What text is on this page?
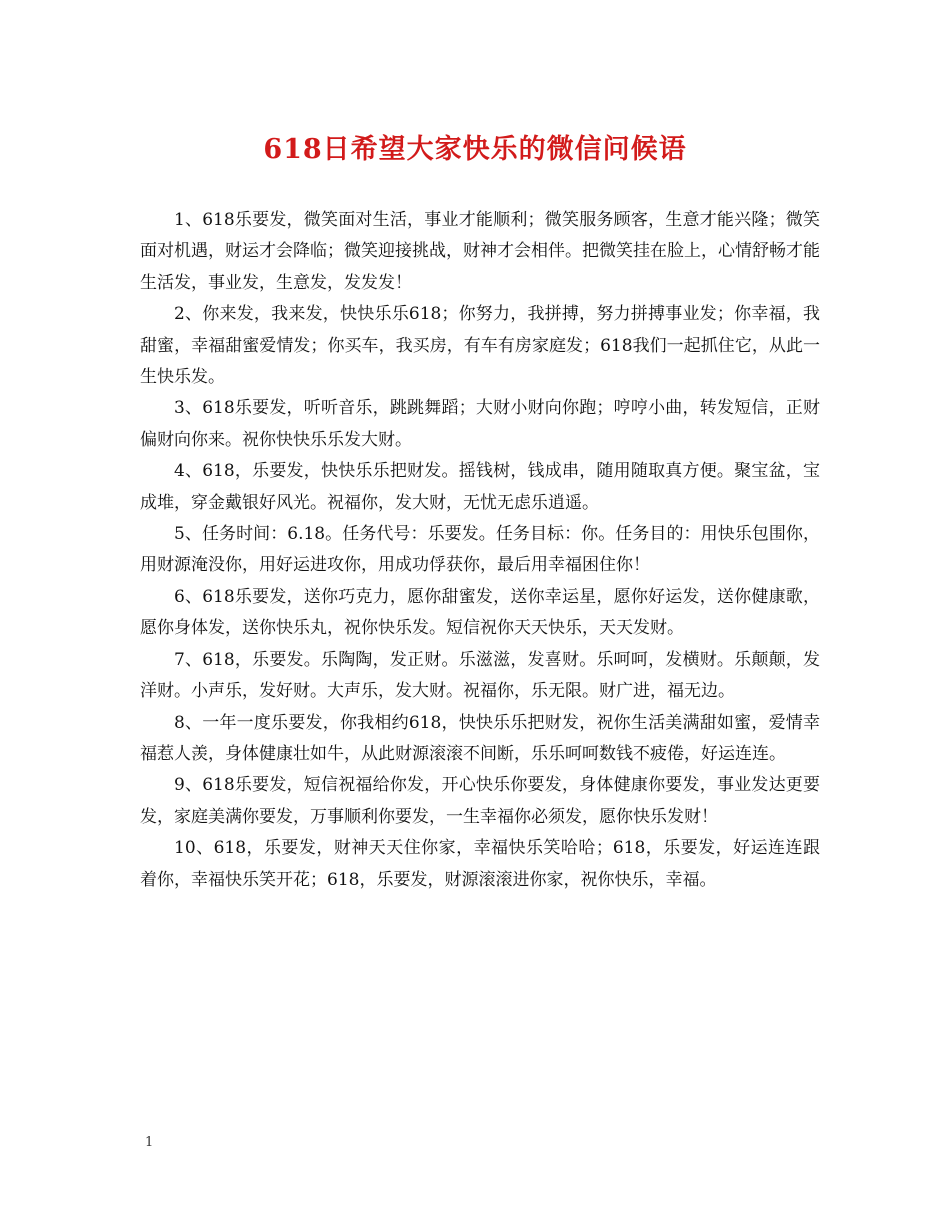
618日希望大家快乐的微信问候语

1、618乐要发，微笑面对生活，事业才能顺利；微笑服务顾客，生意才能兴隆；微笑面对机遇，财运才会降临；微笑迎接挑战，财神才会相伴。把微笑挂在脸上，心情舒畅才能生活发，事业发，生意发，发发发！

2、你来发，我来发，快快乐乐618；你努力，我拼搏，努力拼搏事业发；你幸福，我甜蜜，幸福甜蜜爱情发；你买车，我买房，有车有房家庭发；618我们一起抓住它，从此一生快乐发。

3、618乐要发，听听音乐，跳跳舞蹈；大财小财向你跑；哼哼小曲，转发短信，正财偏财向你来。祝你快快乐乐发大财。

4、618，乐要发，快快乐乐把财发。摇钱树，钱成串，随用随取真方便。聚宝盆，宝成堆，穿金戴银好风光。祝福你，发大财，无忧无虑乐逍遥。

5、任务时间：6.18。任务代号：乐要发。任务目标：你。任务目的：用快乐包围你，用财源淹没你，用好运进攻你，用成功俘获你，最后用幸福困住你！

6、618乐要发，送你巧克力，愿你甜蜜发，送你幸运星，愿你好运发，送你健康歌，愿你身体发，送你快乐丸，祝你快乐发。短信祝你天天快乐，天天发财。

7、618，乐要发。乐陶陶，发正财。乐滋滋，发喜财。乐呵呵，发横财。乐颠颠，发洋财。小声乐，发好财。大声乐，发大财。祝福你，乐无限。财广进，福无边。

8、一年一度乐要发，你我相约618，快快乐乐把财发，祝你生活美满甜如蜜，爱情幸福惹人羡，身体健康壮如牛，从此财源滚滚不间断，乐乐呵呵数钱不疲倦，好运连连。

9、618乐要发，短信祝福给你发，开心快乐你要发，身体健康你要发，事业发达更要发，家庭美满你要发，万事顺利你要发，一生幸福你必须发，愿你快乐发财！

10、618，乐要发，财神天天住你家，幸福快乐笑哈哈；618，乐要发，好运连连跟着你，幸福快乐笑开花；618，乐要发，财源滚滚进你家，祝你快乐，幸福。

1
